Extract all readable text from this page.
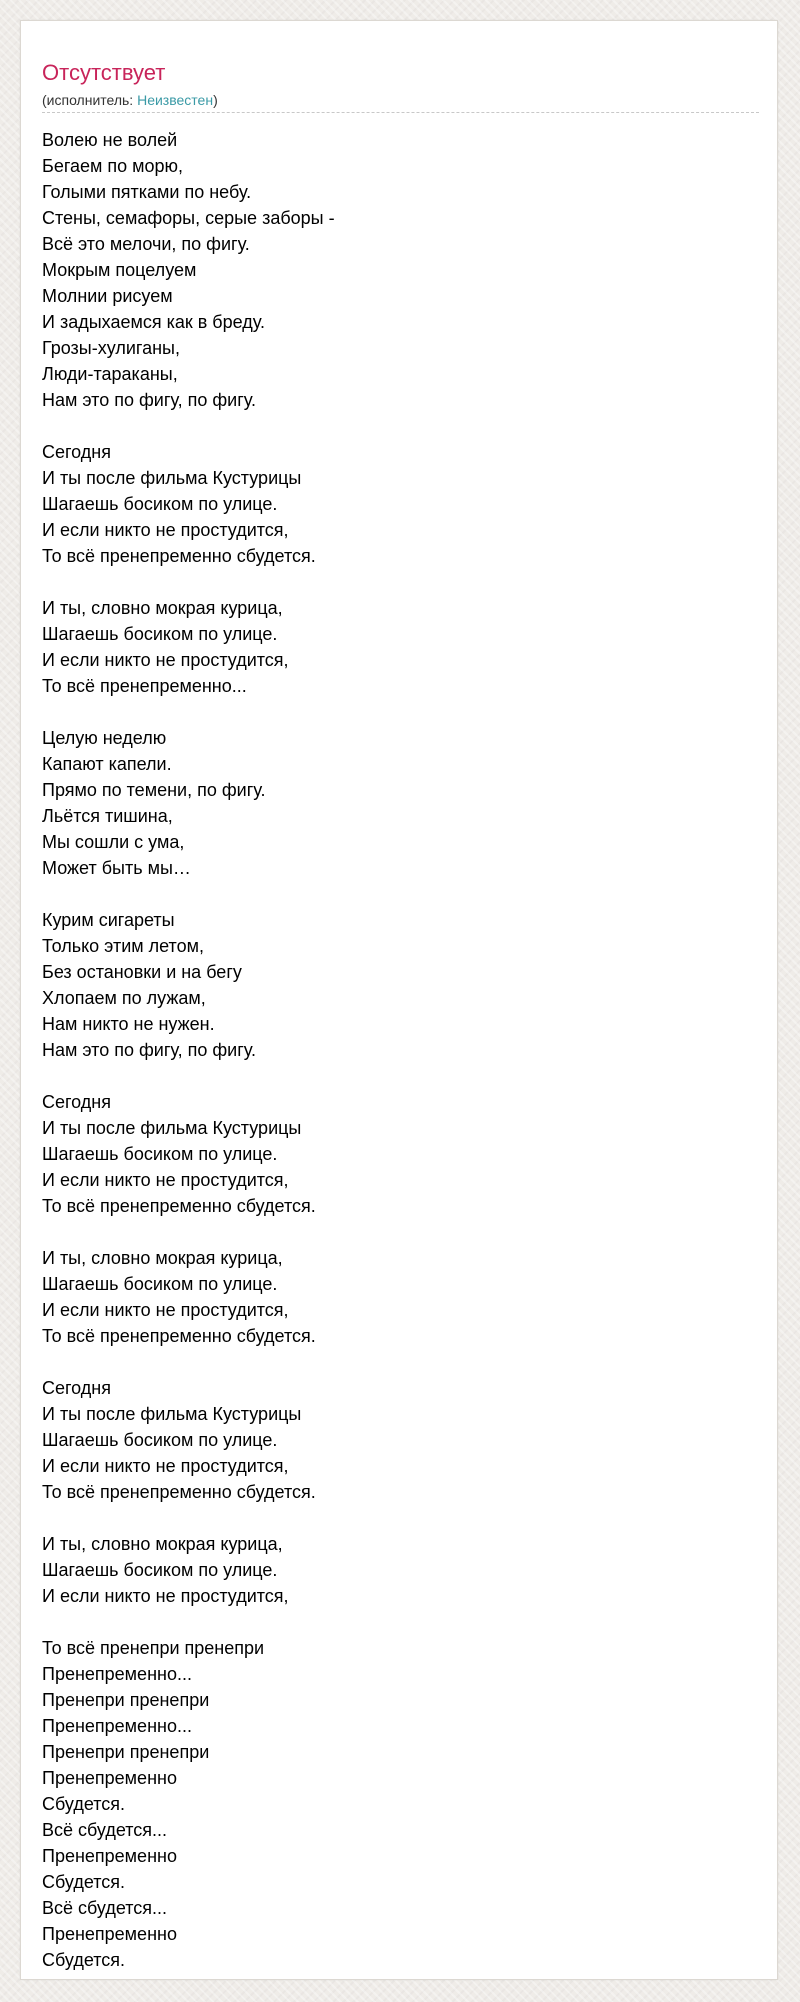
Отсутствует
(исполнитель: Неизвестен)
Волею не волей
Бегаем по морю,
Голыми пятками по небу.
Стены, семафоры, серые заборы -
Всё это мелочи, по фигу.
Мокрым поцелуем
Молнии рисуем
И задыхаемся как в бреду.
Грозы-хулиганы,
Люди-тараканы,
Нам это по фигу, по фигу.
Сегодня
И ты после фильма Кустурицы
Шагаешь босиком по улице.
И если никто не простудится,
То всё пренепременно сбудется.
И ты, словно мокрая курица,
Шагаешь босиком по улице.
И если никто не простудится,
То всё пренепременно...
Целую неделю
Капают капели.
Прямо по темени, по фигу.
Льётся тишина,
Мы сошли с ума,
Может быть мы…
Курим сигареты
Только этим летом,
Без остановки и на бегу
Хлопаем по лужам,
Нам никто не нужен.
Нам это по фигу, по фигу.
Сегодня
И ты после фильма Кустурицы
Шагаешь босиком по улице.
И если никто не простудится,
То всё пренепременно сбудется.
И ты, словно мокрая курица,
Шагаешь босиком по улице.
И если никто не простудится,
То всё пренепременно сбудется.
Сегодня
И ты после фильма Кустурицы
Шагаешь босиком по улице.
И если никто не простудится,
То всё пренепременно сбудется.
И ты, словно мокрая курица,
Шагаешь босиком по улице.
И если никто не простудится,
То всё пренепри пренепри
Пренепременно...
Пренепри пренепри
Пренепременно...
Пренепри пренепри
Пренепременно
Сбудется.
Всё сбудется...
Пренепременно
Сбудется.
Всё сбудется...
Пренепременно
Сбудется.
